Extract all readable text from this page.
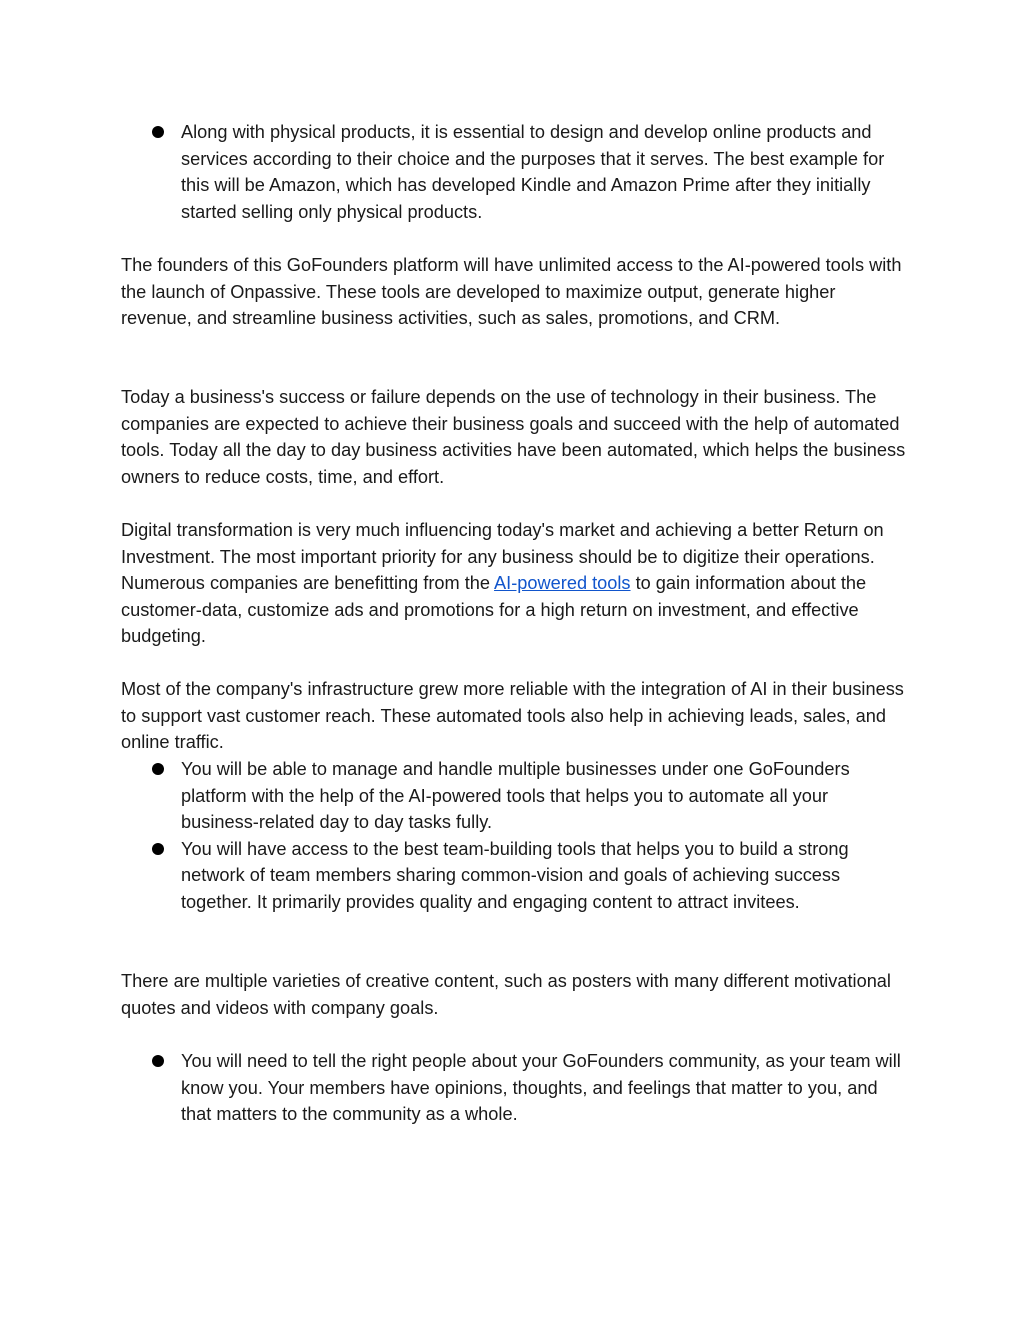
Along with physical products, it is essential to design and develop online products and services according to their choice and the purposes that it serves. The best example for this will be Amazon, which has developed Kindle and Amazon Prime after they initially started selling only physical products.

The founders of this GoFounders platform will have unlimited access to the AI-powered tools with the launch of Onpassive. These tools are developed to maximize output, generate higher revenue, and streamline business activities, such as sales, promotions, and CRM.

Today a business's success or failure depends on the use of technology in their business. The companies are expected to achieve their business goals and succeed with the help of automated tools. Today all the day to day business activities have been automated, which helps the business owners to reduce costs, time, and effort.

Digital transformation is very much influencing today's market and achieving a better Return on Investment. The most important priority for any business should be to digitize their operations. Numerous companies are benefitting from the AI-powered tools to gain information about the customer-data, customize ads and promotions for a high return on investment, and effective budgeting.

Most of the company's infrastructure grew more reliable with the integration of AI in their business to support vast customer reach. These automated tools also help in achieving leads, sales, and online traffic.

You will be able to manage and handle multiple businesses under one GoFounders platform with the help of the AI-powered tools that helps you to automate all your business-related day to day tasks fully.
You will have access to the best team-building tools that helps you to build a strong network of team members sharing common-vision and goals of achieving success together. It primarily provides quality and engaging content to attract invitees.

There are multiple varieties of creative content, such as posters with many different motivational quotes and videos with company goals.

You will need to tell the right people about your GoFounders community, as your team will know you. Your members have opinions, thoughts, and feelings that matter to you, and that matters to the community as a whole.
